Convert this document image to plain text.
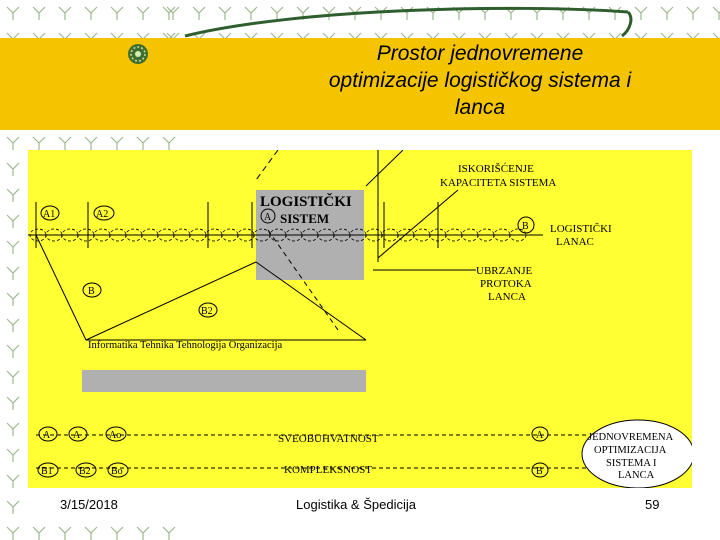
Prostor jednovremene
optimizacije logističkog sistema i
lanca
ISKORIŠĆENJE
KAPACITETA SISTEMA
LOGISTIČKI
SISTEM
A
A1	A2
B LOGISTIČKI
LANAC
UBRZANJE
PROTOKA
LANCA
B
B2
Informatika Tehnika Tehnologija Organizacija
A A	Ao	A
SVEOBUHVATNOST
B1	B2 Bo	B
KOMPLEKSNOST
JEDNOVREMENA
OPTIMIZACIJA
SISTEMA I
LANCA
3/15/2018	Logistika & Špedicija	59
